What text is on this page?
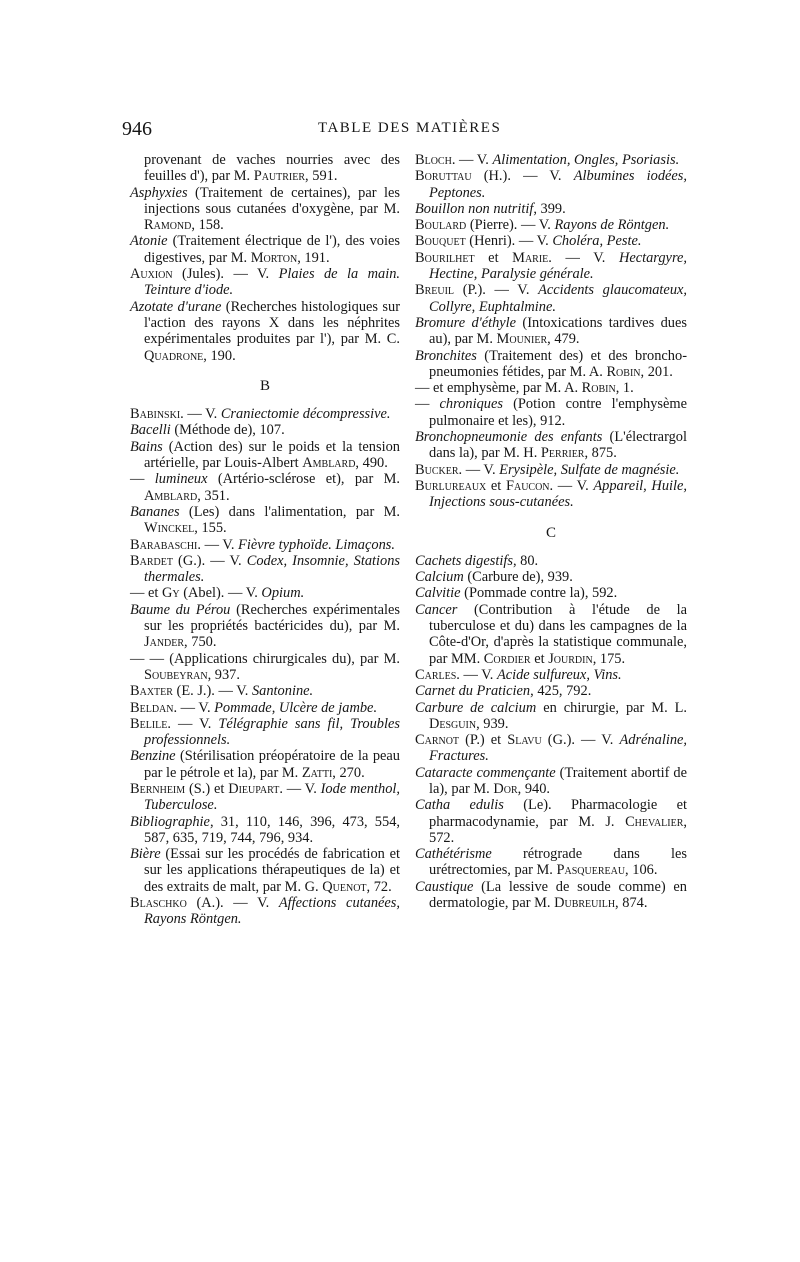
946	TABLE DES MATIÈRES

provenant de vaches nourries avec des feuilles d'), par M. Pautrier, 591.

Asphyxies (Traitement de certaines), par les injections sous cutanées d'oxygène, par M. Ramond, 158.

Atonie (Traitement électrique de l'), des voies digestives, par M. Morton, 191.

Auxion (Jules). — V. Plaies de la main. Teinture d'iode.

Azotate d'urane (Recherches histologiques sur l'action des rayons X dans les néphrites expérimentales produites par l'), par M. C. Quadrone, 190.

B

Babinski. — V. Craniectomie décompressive.

Bacelli (Méthode de), 107.

Bains (Action des) sur le poids et la tension artérielle, par Louis-Albert Amblard, 490.

— lumineux (Artério-sclérose et), par M. Amblard, 351.

Bananes (Les) dans l'alimentation, par M. Winckel, 155.

Barabaschi. — V. Fièvre typhoïde. Limaçons.

Bardet (G.). — V. Codex, Insomnie, Stations thermales.

— et Gy (Abel). — V. Opium.

Baume du Pérou (Recherches expérimentales sur les propriétés bactéricides du), par M. Jander, 750.

— — (Applications chirurgicales du), par M. Soubeyran, 937.

Baxter (E. J.). — V. Santonine.

Beldan. — V. Pommade, Ulcère de jambe.

Belile. — V. Télégraphie sans fil, Troubles professionnels.

Benzine (Stérilisation préopératoire de la peau par le pétrole et la), par M. Zatti, 270.

Bernheim (S.) et Dieupart. — V. Iode menthol, Tuberculose.

Bibliographie, 31, 110, 146, 396, 473, 554, 587, 635, 719, 744, 796, 934.

Bière (Essai sur les procédés de fabrication et sur les applications thérapeutiques de la) et des extraits de malt, par M. G. Quenot, 72.

Blaschko (A.). — V. Affections cutanées, Rayons Röntgen.

Bloch. — V. Alimentation, Ongles, Psoriasis.

Boruttau (H.). — V. Albumines iodées, Peptones.

Bouillon non nutritif, 399.

Boulard (Pierre). — V. Rayons de Röntgen.

Bouquet (Henri). — V. Choléra, Peste.

Bourilhet et Marie. — V. Hectargyre, Hectine, Paralysie générale.

Breuil (P.). — V. Accidents glaucomateux, Collyre, Euphtalmine.

Bromure d'éthyle (Intoxications tardives dues au), par M. Mounier, 479.

Bronchites (Traitement des) et des broncho-pneumonies fétides, par M. A. Robin, 201.

— et emphysème, par M. A. Robin, 1.

— chroniques (Potion contre l'emphysème pulmonaire et les), 912.

Bronchopneumonie des enfants (L'électrargol dans la), par M. H. Perrier, 875.

Bucker. — V. Erysipèle, Sulfate de magnésie.

Burlureaux et Faucon. — V. Appareil, Huile, Injections sous-cutanées.

C

Cachets digestifs, 80.

Calcium (Carbure de), 939.

Calvitie (Pommade contre la), 592.

Cancer (Contribution à l'étude de la tuberculose et du) dans les campagnes de la Côte-d'Or, d'après la statistique communale, par MM. Cordier et Jourdin, 175.

Carles. — V. Acide sulfureux, Vins.

Carnet du Praticien, 425, 792.

Carbure de calcium en chirurgie, par M. L. Desguin, 939.

Carnot (P.) et Slavu (G.). — V. Adrénaline, Fractures.

Cataracte commençante (Traitement abortif de la), par M. Dor, 940.

Catha edulis (Le). Pharmacologie et pharmacodynamie, par M. J. Chevalier, 572.

Cathétérisme rétrograde dans les urétrectomies, par M. Pasquereau, 106.

Caustique (La lessive de soude comme) en dermatologie, par M. Dubreuilh, 874.
